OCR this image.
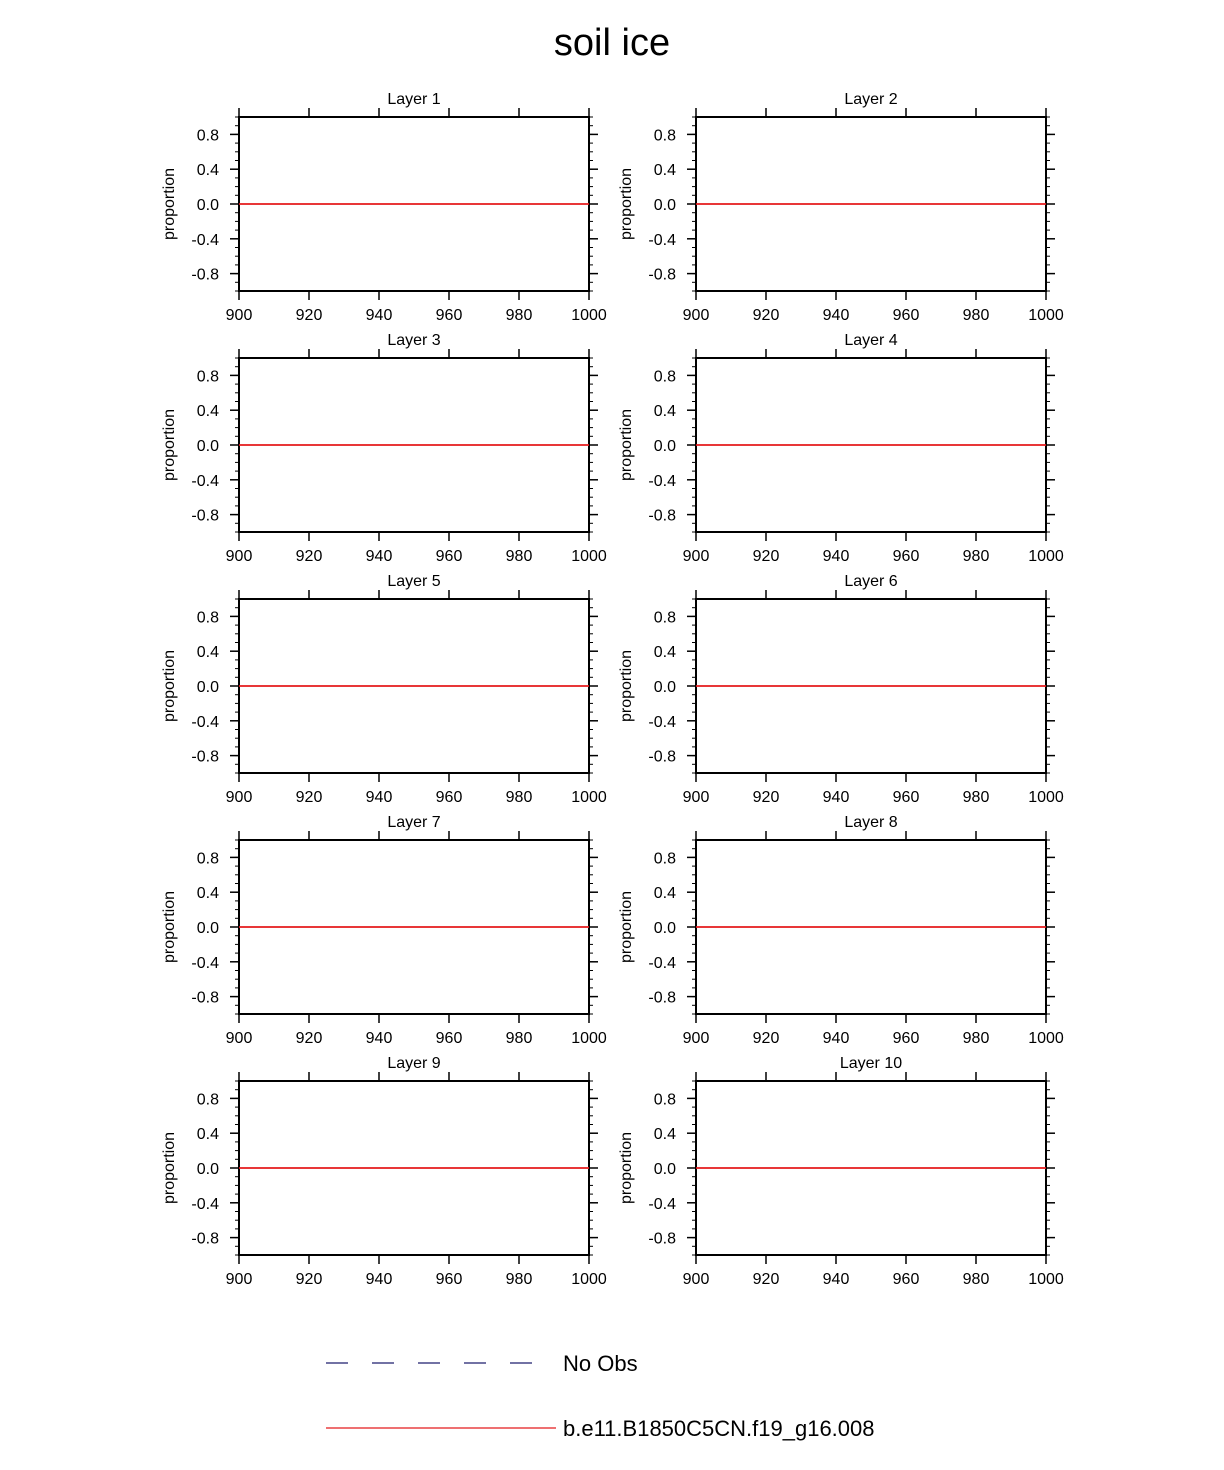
soil ice
900	920	940	960	980 1000
0.8
0.4
0.0
-0.4
-0.8
Layer 1
proportion
900	920	940	960	980 1000
0.8
0.4
0.0
-0.4
-0.8
Layer 2
proportion
900	920	940	960	980 1000
0.8
0.4
0.0
-0.4
-0.8
Layer 3
proportion
900	920	940	960	980 1000
0.8
0.4
0.0
-0.4
-0.8
Layer 4
proportion
900	920	940	960	980 1000
0.8
0.4
0.0
-0.4
-0.8
Layer 5
proportion
900	920	940	960	980 1000
0.8
0.4
0.0
-0.4
-0.8
Layer 6
proportion
900	920	940	960	980 1000
0.8
0.4
0.0
-0.4
-0.8
Layer 7
proportion
900	920	940	960	980 1000
0.8
0.4
0.0
-0.4
-0.8
Layer 8
proportion
900	920	940	960	980 1000
0.8
0.4
0.0
-0.4
-0.8
Layer 9
proportion
900	920	940	960	980 1000
0.8
0.4
0.0
-0.4
-0.8
Layer 10
proportion
No Obs
b.e11.B1850C5CN.f19_g16.008
